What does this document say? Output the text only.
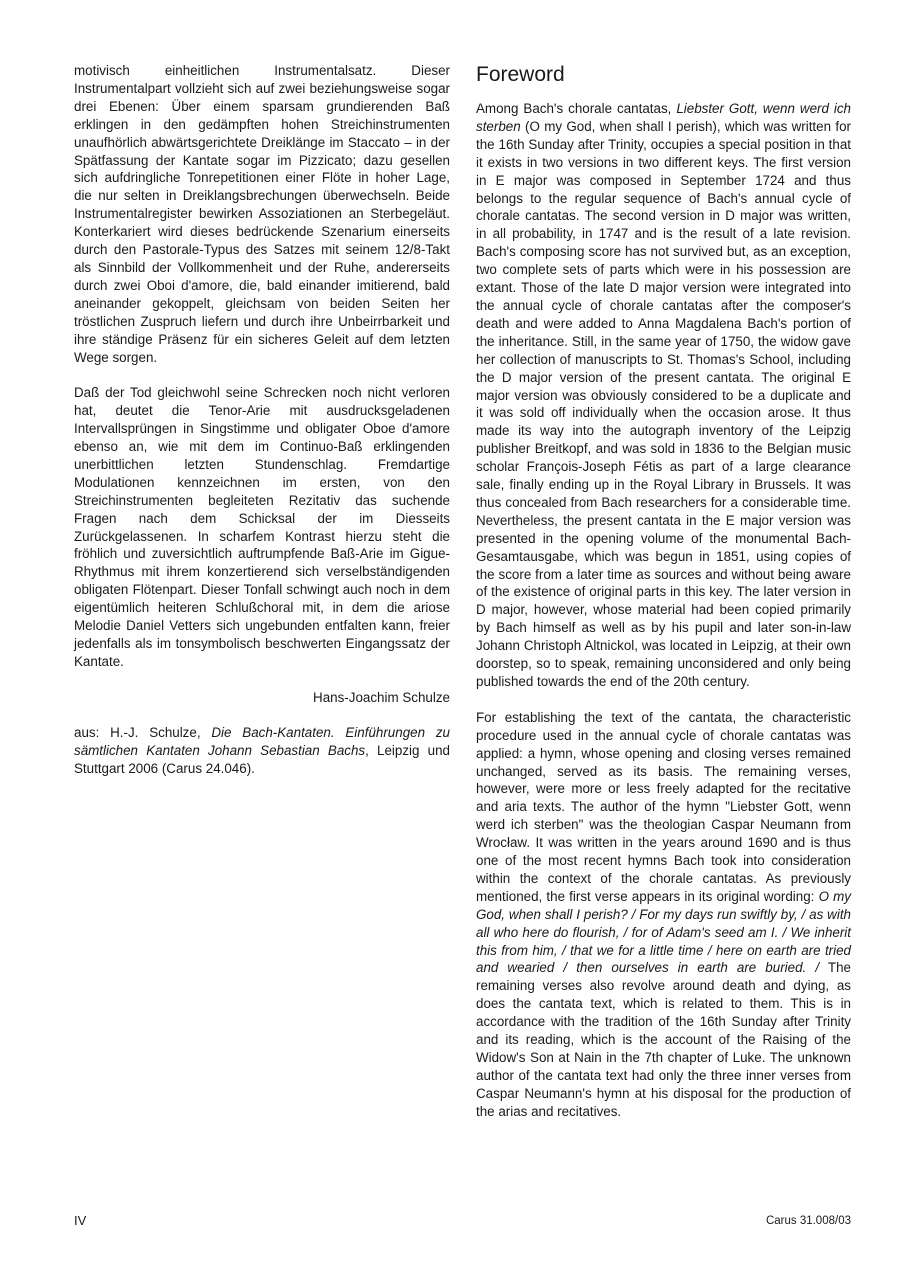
motivisch einheitlichen Instrumentalsatz. Dieser Instrumentalpart vollzieht sich auf zwei beziehungsweise sogar drei Ebenen: Über einem sparsam grundierenden Baß erklingen in den gedämpften hohen Streichinstrumenten unaufhörlich abwärtsgerichtete Dreiklänge im Staccato – in der Spätfassung der Kantate sogar im Pizzicato; dazu gesellen sich aufdringliche Tonrepetitionen einer Flöte in hoher Lage, die nur selten in Dreiklangsbrechungen überwechseln. Beide Instrumentalregister bewirken Assoziationen an Sterbegeläut. Konterkariert wird dieses bedrückende Szenarium einerseits durch den Pastorale-Typus des Satzes mit seinem 12/8-Takt als Sinnbild der Vollkommenheit und der Ruhe, andererseits durch zwei Oboi d'amore, die, bald einander imitierend, bald aneinander gekoppelt, gleichsam von beiden Seiten her tröstlichen Zuspruch liefern und durch ihre Unbeirrbarkeit und ihre ständige Präsenz für ein sicheres Geleit auf dem letzten Wege sorgen.

Daß der Tod gleichwohl seine Schrecken noch nicht verloren hat, deutet die Tenor-Arie mit ausdrucksgeladenen Intervallsprüngen in Singstimme und obligater Oboe d'amore ebenso an, wie mit dem im Continuo-Baß erklingenden unerbittlichen letzten Stundenschlag. Fremdartige Modulationen kennzeichnen im ersten, von den Streichinstrumenten begleiteten Rezitativ das suchende Fragen nach dem Schicksal der im Diesseits Zurückgelassenen. In scharfem Kontrast hierzu steht die fröhlich und zuversichtlich auftrumpfende Baß-Arie im Gigue-Rhythmus mit ihrem konzertierend sich verselbständigenden obligaten Flötenpart. Dieser Tonfall schwingt auch noch in dem eigentümlich heiteren Schlußchoral mit, in dem die ariose Melodie Daniel Vetters sich ungebunden entfalten kann, freier jedenfalls als im tonsymbolisch beschwerten Eingangssatz der Kantate.

Hans-Joachim Schulze

aus: H.-J. Schulze, Die Bach-Kantaten. Einführungen zu sämtlichen Kantaten Johann Sebastian Bachs, Leipzig und Stuttgart 2006 (Carus 24.046).

Foreword

Among Bach's chorale cantatas, Liebster Gott, wenn werd ich sterben (O my God, when shall I perish), which was written for the 16th Sunday after Trinity, occupies a special position in that it exists in two versions in two different keys. The first version in E major was composed in September 1724 and thus belongs to the regular sequence of Bach's annual cycle of chorale cantatas. The second version in D major was written, in all probability, in 1747 and is the result of a late revision. Bach's composing score has not survived but, as an exception, two complete sets of parts which were in his possession are extant. Those of the late D major version were integrated into the annual cycle of chorale cantatas after the composer's death and were added to Anna Magdalena Bach's portion of the inheritance. Still, in the same year of 1750, the widow gave her collection of manuscripts to St. Thomas's School, including the D major version of the present cantata. The original E major version was obviously considered to be a duplicate and it was sold off individually when the occasion arose. It thus made its way into the autograph inventory of the Leipzig publisher Breitkopf, and was sold in 1836 to the Belgian music scholar François-Joseph Fétis as part of a large clearance sale, finally ending up in the Royal Library in Brussels. It was thus concealed from Bach researchers for a considerable time. Nevertheless, the present cantata in the E major version was presented in the opening volume of the monumental Bach-Gesamtausgabe, which was begun in 1851, using copies of the score from a later time as sources and without being aware of the existence of original parts in this key. The later version in D major, however, whose material had been copied primarily by Bach himself as well as by his pupil and later son-in-law Johann Christoph Altnickol, was located in Leipzig, at their own doorstep, so to speak, remaining unconsidered and only being published towards the end of the 20th century.

For establishing the text of the cantata, the characteristic procedure used in the annual cycle of chorale cantatas was applied: a hymn, whose opening and closing verses remained unchanged, served as its basis. The remaining verses, however, were more or less freely adapted for the recitative and aria texts. The author of the hymn "Liebster Gott, wenn werd ich sterben" was the theologian Caspar Neumann from Wrocław. It was written in the years around 1690 and is thus one of the most recent hymns Bach took into consideration within the context of the chorale cantatas. As previously mentioned, the first verse appears in its original wording: O my God, when shall I perish? / For my days run swiftly by, / as with all who here do flourish, / for of Adam's seed am I. / We inherit this from him, / that we for a little time / here on earth are tried and wearied / then ourselves in earth are buried. / The remaining verses also revolve around death and dying, as does the cantata text, which is related to them. This is in accordance with the tradition of the 16th Sunday after Trinity and its reading, which is the account of the Raising of the Widow's Son at Nain in the 7th chapter of Luke. The unknown author of the cantata text had only the three inner verses from Caspar Neumann's hymn at his disposal for the production of the arias and recitatives.

IV	Carus 31.008/03
